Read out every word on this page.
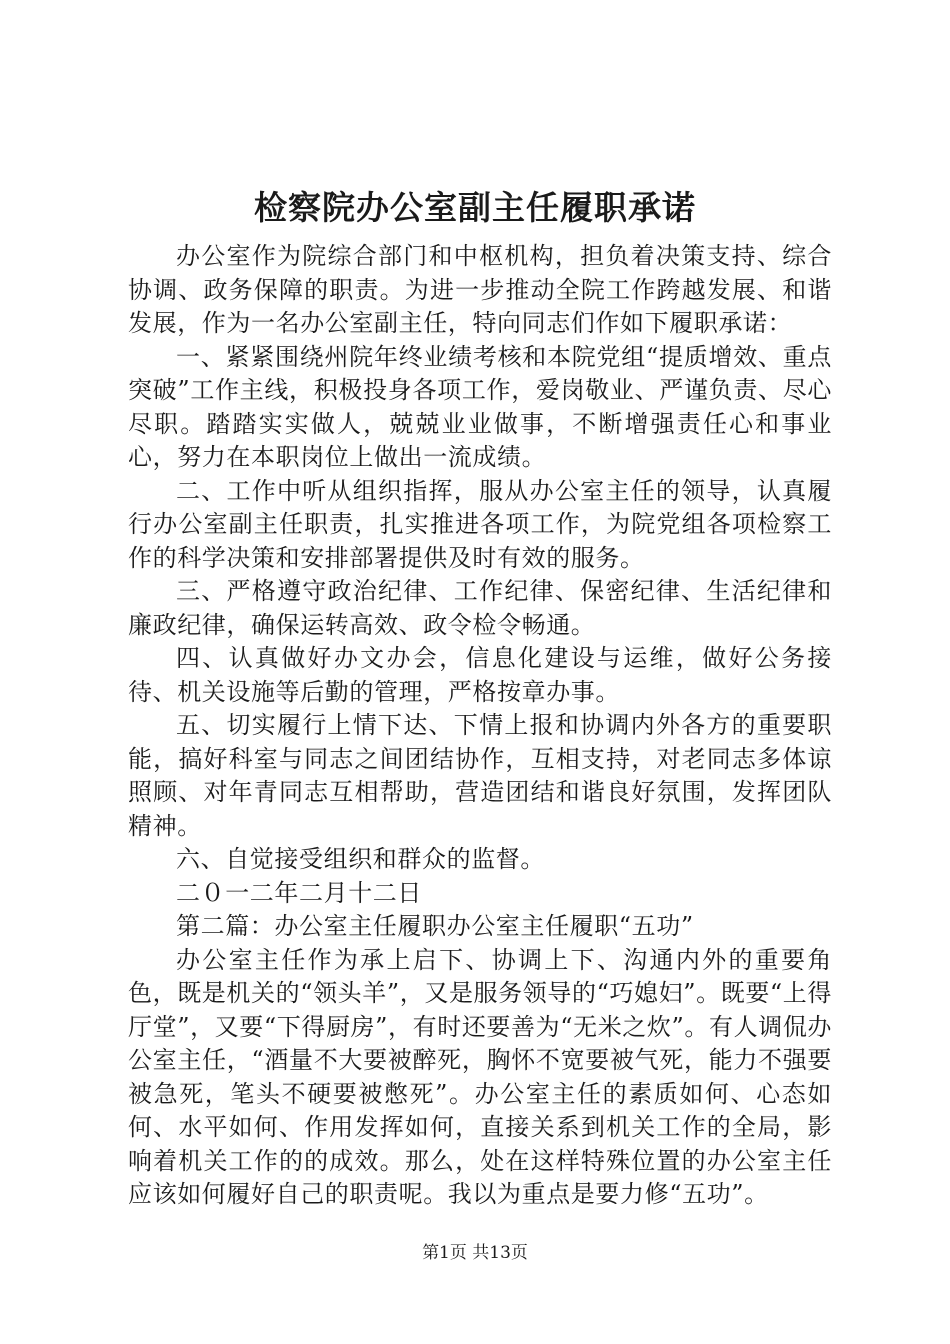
检察院办公室副主任履职承诺

办公室作为院综合部门和中枢机构，担负着决策支持、综合协调、政务保障的职责。为进一步推动全院工作跨越发展、和谐发展，作为一名办公室副主任，特向同志们作如下履职承诺：

一、紧紧围绕州院年终业绩考核和本院党组“提质增效、重点突破”工作主线，积极投身各项工作，爱岗敬业、严谨负责、尽心尽职。踏踏实实做人，兢兢业业做事，不断增强责任心和事业心，努力在本职岗位上做出一流成绩。

二、工作中听从组织指挥，服从办公室主任的领导，认真履行办公室副主任职责，扎实推进各项工作，为院党组各项检察工作的科学决策和安排部署提供及时有效的服务。

三、严格遵守政治纪律、工作纪律、保密纪律、生活纪律和廉政纪律，确保运转高效、政令检令畅通。

四、认真做好办文办会，信息化建设与运维，做好公务接待、机关设施等后勤的管理，严格按章办事。

五、切实履行上情下达、下情上报和协调内外各方的重要职能，搞好科室与同志之间团结协作，互相支持，对老同志多体谅照顾、对年青同志互相帮助，营造团结和谐良好氛围，发挥团队精神。

六、自觉接受组织和群众的监督。

二０一二年二月十二日

第二篇：办公室主任履职办公室主任履职“五功”

办公室主任作为承上启下、协调上下、沟通内外的重要角色，既是机关的“领头羊”，又是服务领导的“巧媳妇”。既要“上得厅堂”，又要“下得厨房”，有时还要善为“无米之炊”。有人调侃办公室主任，“酒量不大要被醉死，胸怀不宽要被气死，能力不强要被急死，笔头不硬要被憋死”。办公室主任的素质如何、心态如何、水平如何、作用发挥如何，直接关系到机关工作的全局，影响着机关工作的的成效。那么，处在这样特殊位置的办公室主任应该如何履好自己的职责呢。我以为重点是要力修“五功”。

第1页 共13页
